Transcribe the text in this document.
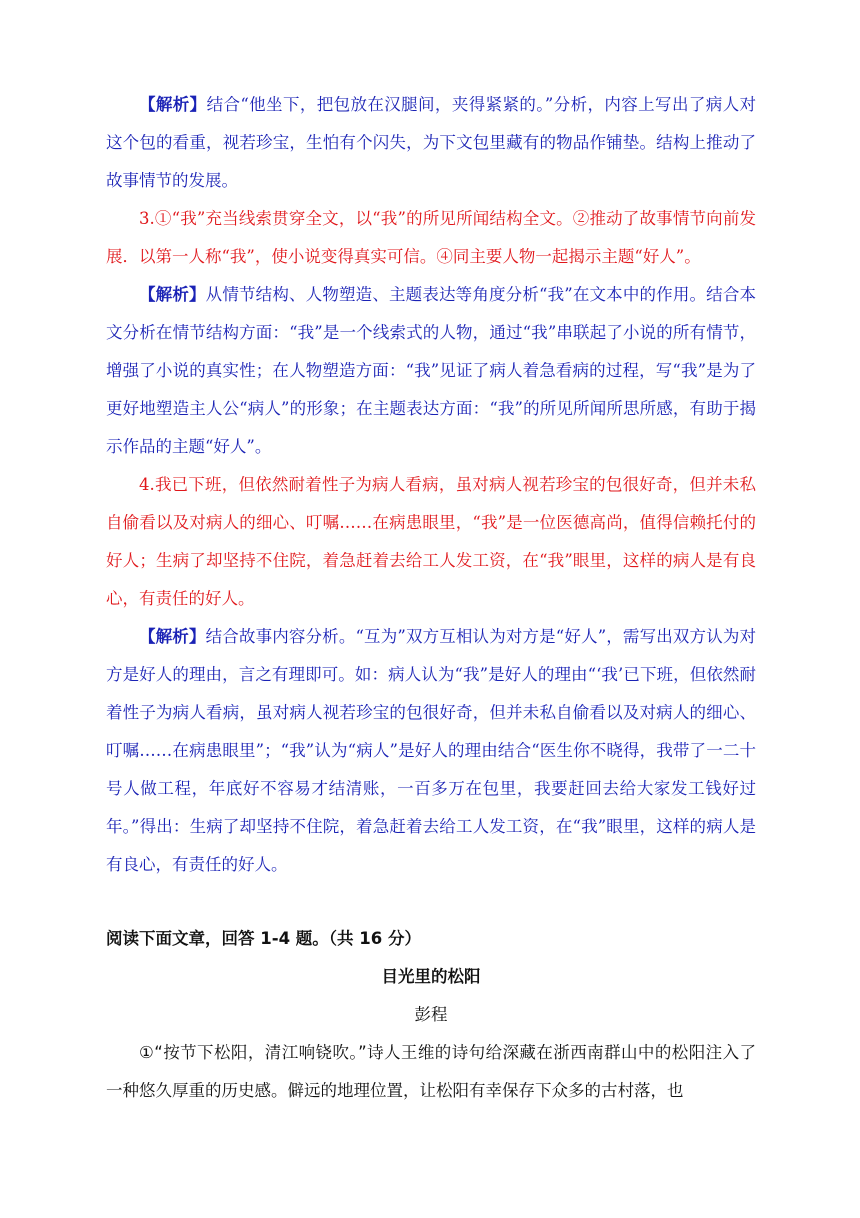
【解析】结合“他坐下，把包放在汉腿间，夹得紧紧的。”分析，内容上写出了病人对这个包的看重，视若珍宝，生怕有个闪失，为下文包里藏有的物品作铺垫。结构上推动了故事情节的发展。

3.①“我”充当线索贯穿全文，以“我”的所见所闻结构全文。②推动了故事情节向前发展．以第一人称“我”，使小说变得真实可信。④同主要人物一起揭示主题“好人”。

【解析】从情节结构、人物塑造、主题表达等角度分析“我”在文本中的作用。结合本文分析在情节结构方面：“我”是一个线索式的人物，通过“我”串联起了小说的所有情节，增强了小说的真实性；在人物塑造方面：“我”见证了病人着急看病的过程，写“我”是为了更好地塑造主人公“病人”的形象；在主题表达方面：“我”的所见所闻所思所感，有助于揭示作品的主题“好人”。

4.我已下班，但依然耐着性子为病人看病，虽对病人视若珍宝的包很好奇，但并未私自偷看以及对病人的细心、叮嘱……在病患眼里，“我”是一位医德高尚，值得信赖托付的好人；生病了却坚持不住院，着急赶着去给工人发工资，在“我”眼里，这样的病人是有良心，有责任的好人。

【解析】结合故事内容分析。“互为”双方互相认为对方是“好人”，需写出双方认为对方是好人的理由，言之有理即可。如：病人认为“我”是好人的理由“‘我’已下班，但依然耐着性子为病人看病，虽对病人视若珍宝的包很好奇，但并未私自偷看以及对病人的细心、叮嘱……在病患眼里”；“我”认为“病人”是好人的理由结合“医生你不晓得，我带了一二十号人做工程，年底好不容易才结清账，一百多万在包里，我要赶回去给大家发工钱好过年。”得出：生病了却坚持不住院，着急赶着去给工人发工资，在“我”眼里，这样的病人是有良心，有责任的好人。

阅读下面文章，回答 1-4 题。（共 16 分）

目光里的松阳

彭程

①“按节下松阳，清江响铙吹。”诗人王维的诗句给深藏在浙西南群山中的松阳注入了一种悠久厚重的历史感。僻远的地理位置，让松阳有幸保存下众多的古村落，也
